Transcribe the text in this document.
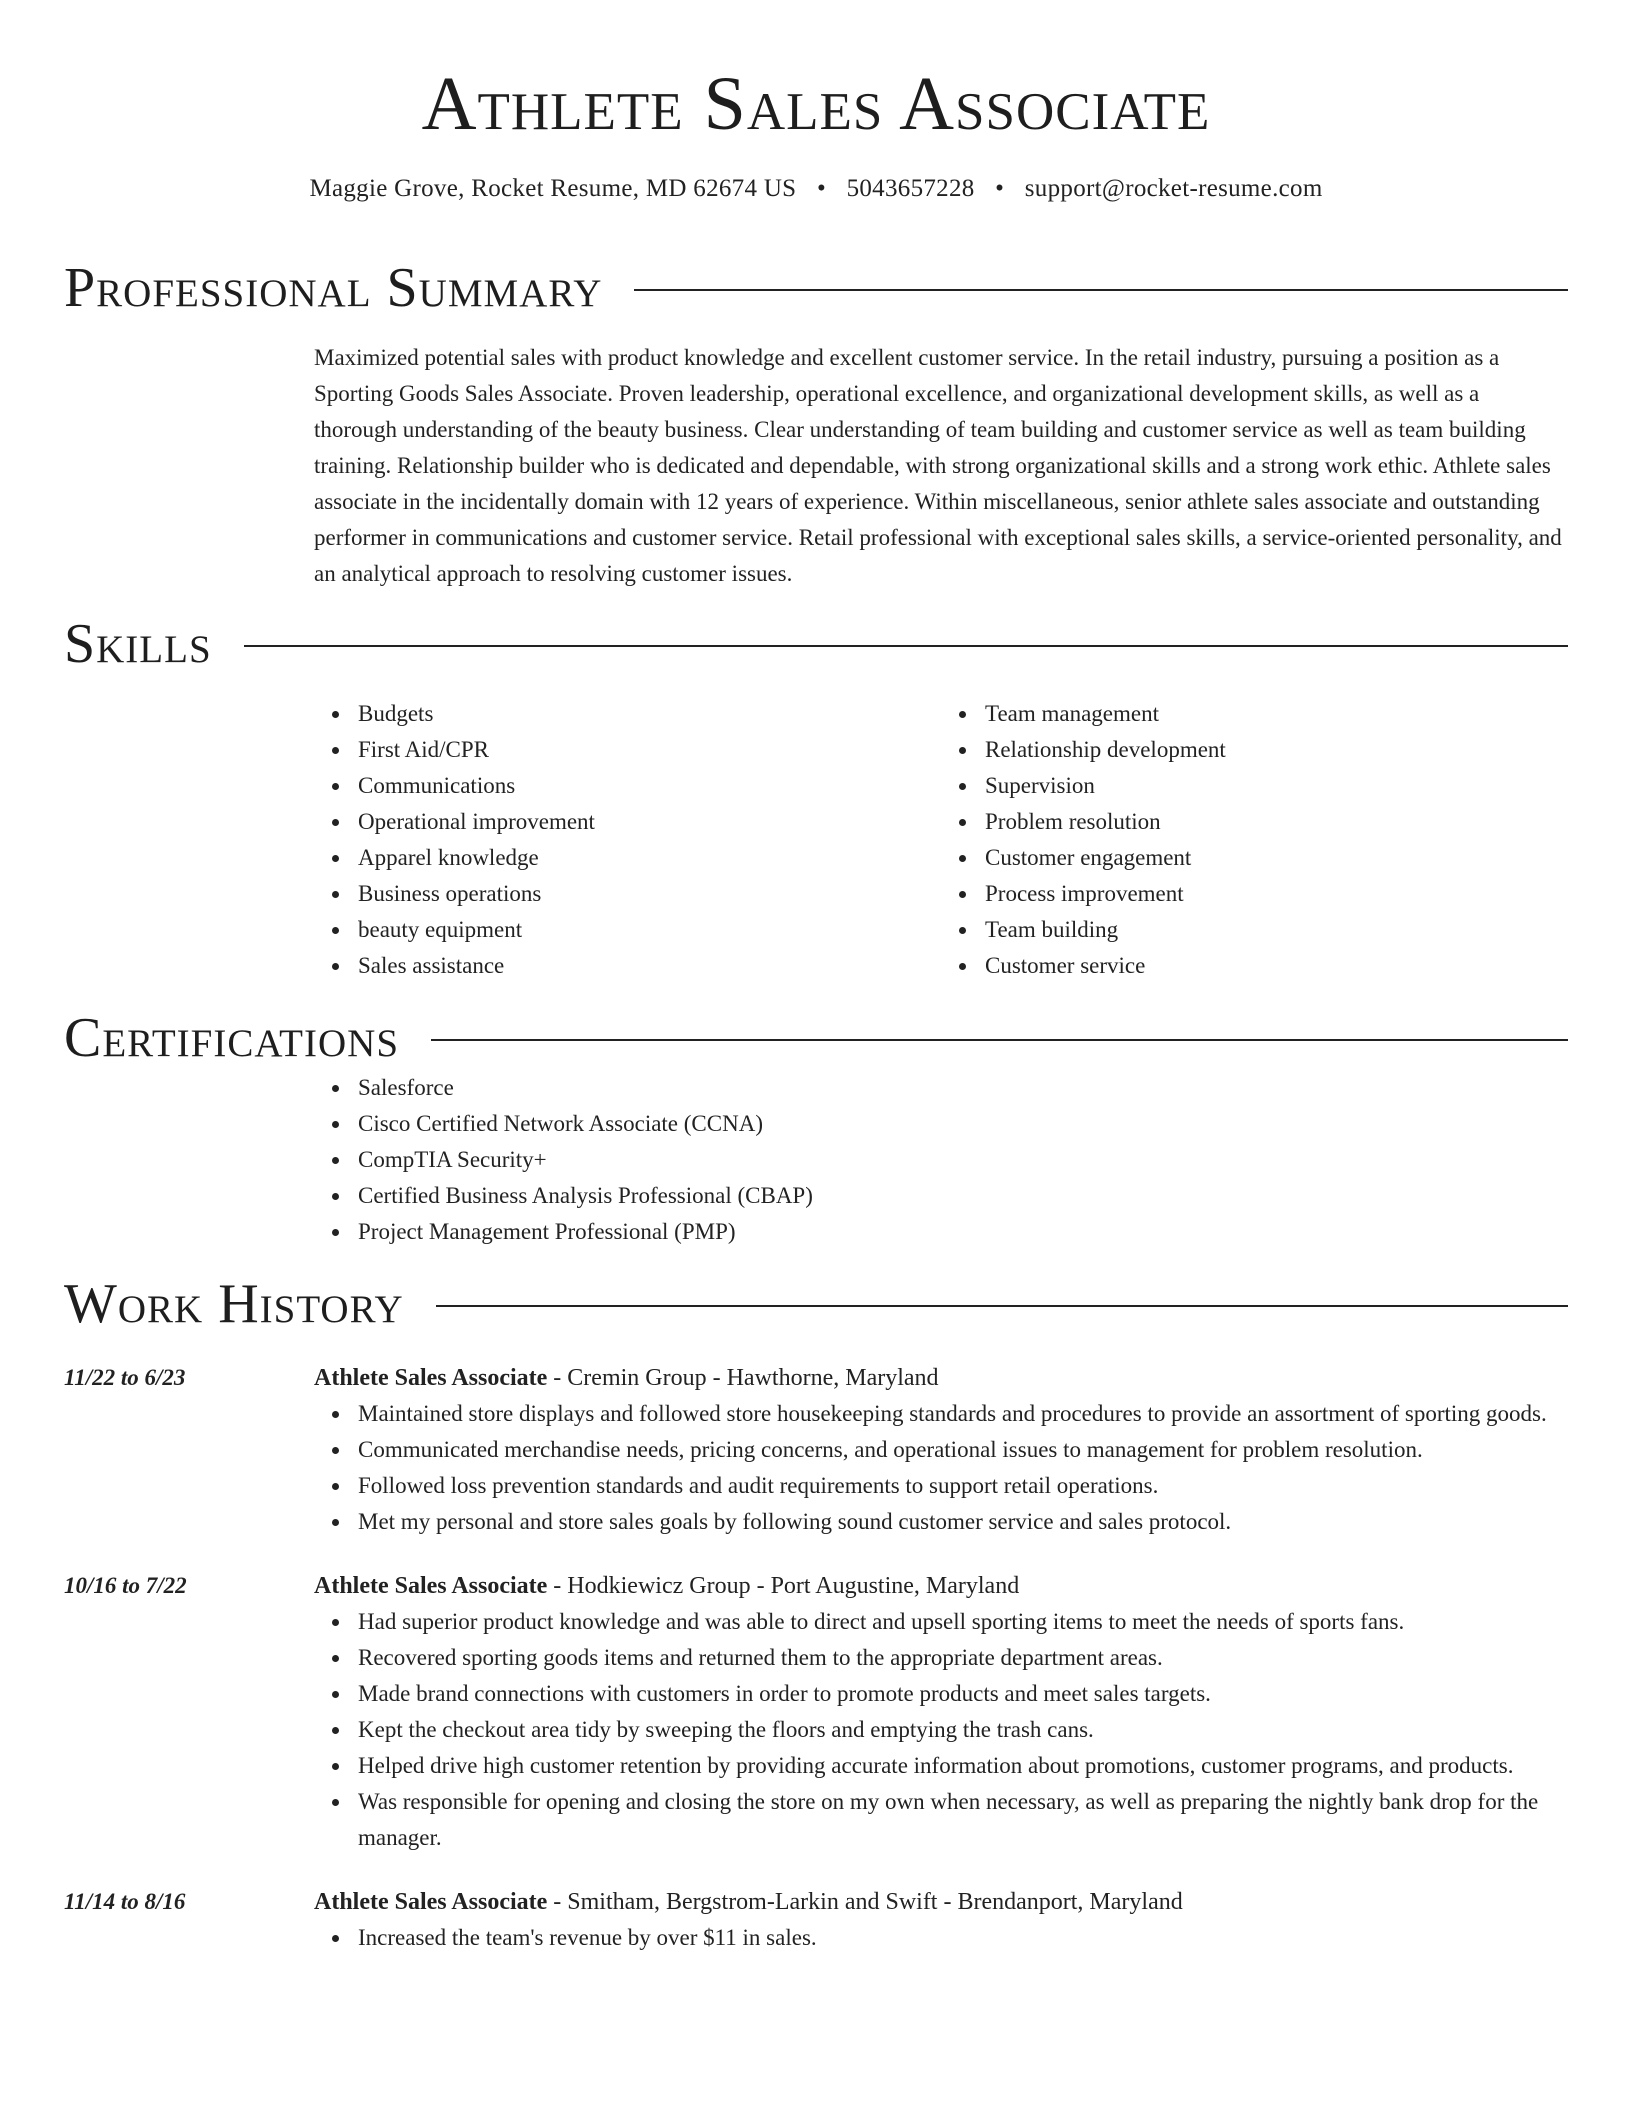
Athlete Sales Associate
Maggie Grove, Rocket Resume, MD 62674 US • 5043657228 • support@rocket-resume.com
Professional Summary

Maximized potential sales with product knowledge and excellent customer service. In the retail industry, pursuing a position as a Sporting Goods Sales Associate. Proven leadership, operational excellence, and organizational development skills, as well as a thorough understanding of the beauty business. Clear understanding of team building and customer service as well as team building training. Relationship builder who is dedicated and dependable, with strong organizational skills and a strong work ethic. Athlete sales associate in the incidentally domain with 12 years of experience. Within miscellaneous, senior athlete sales associate and outstanding performer in communications and customer service. Retail professional with exceptional sales skills, a service-oriented personality, and an analytical approach to resolving customer issues.

Skills
Budgets
First Aid/CPR
Communications
Operational improvement
Apparel knowledge
Business operations
beauty equipment
Sales assistance
Team management
Relationship development
Supervision
Problem resolution
Customer engagement
Process improvement
Team building
Customer service
Certifications
Salesforce
Cisco Certified Network Associate (CCNA)
CompTIA Security+
Certified Business Analysis Professional (CBAP)
Project Management Professional (PMP)
Work History
11/22 to 6/23	Athlete Sales Associate - Cremin Group - Hawthorne, Maryland
Maintained store displays and followed store housekeeping standards and procedures to provide an assortment of sporting goods.
Communicated merchandise needs, pricing concerns, and operational issues to management for problem resolution.
Followed loss prevention standards and audit requirements to support retail operations.
Met my personal and store sales goals by following sound customer service and sales protocol.
10/16 to 7/22	Athlete Sales Associate - Hodkiewicz Group - Port Augustine, Maryland
Had superior product knowledge and was able to direct and upsell sporting items to meet the needs of sports fans.
Recovered sporting goods items and returned them to the appropriate department areas.
Made brand connections with customers in order to promote products and meet sales targets.
Kept the checkout area tidy by sweeping the floors and emptying the trash cans.
Helped drive high customer retention by providing accurate information about promotions, customer programs, and products.
Was responsible for opening and closing the store on my own when necessary, as well as preparing the nightly bank drop for the manager.
11/14 to 8/16	Athlete Sales Associate - Smitham, Bergstrom-Larkin and Swift - Brendanport, Maryland
Increased the team's revenue by over $11 in sales.
